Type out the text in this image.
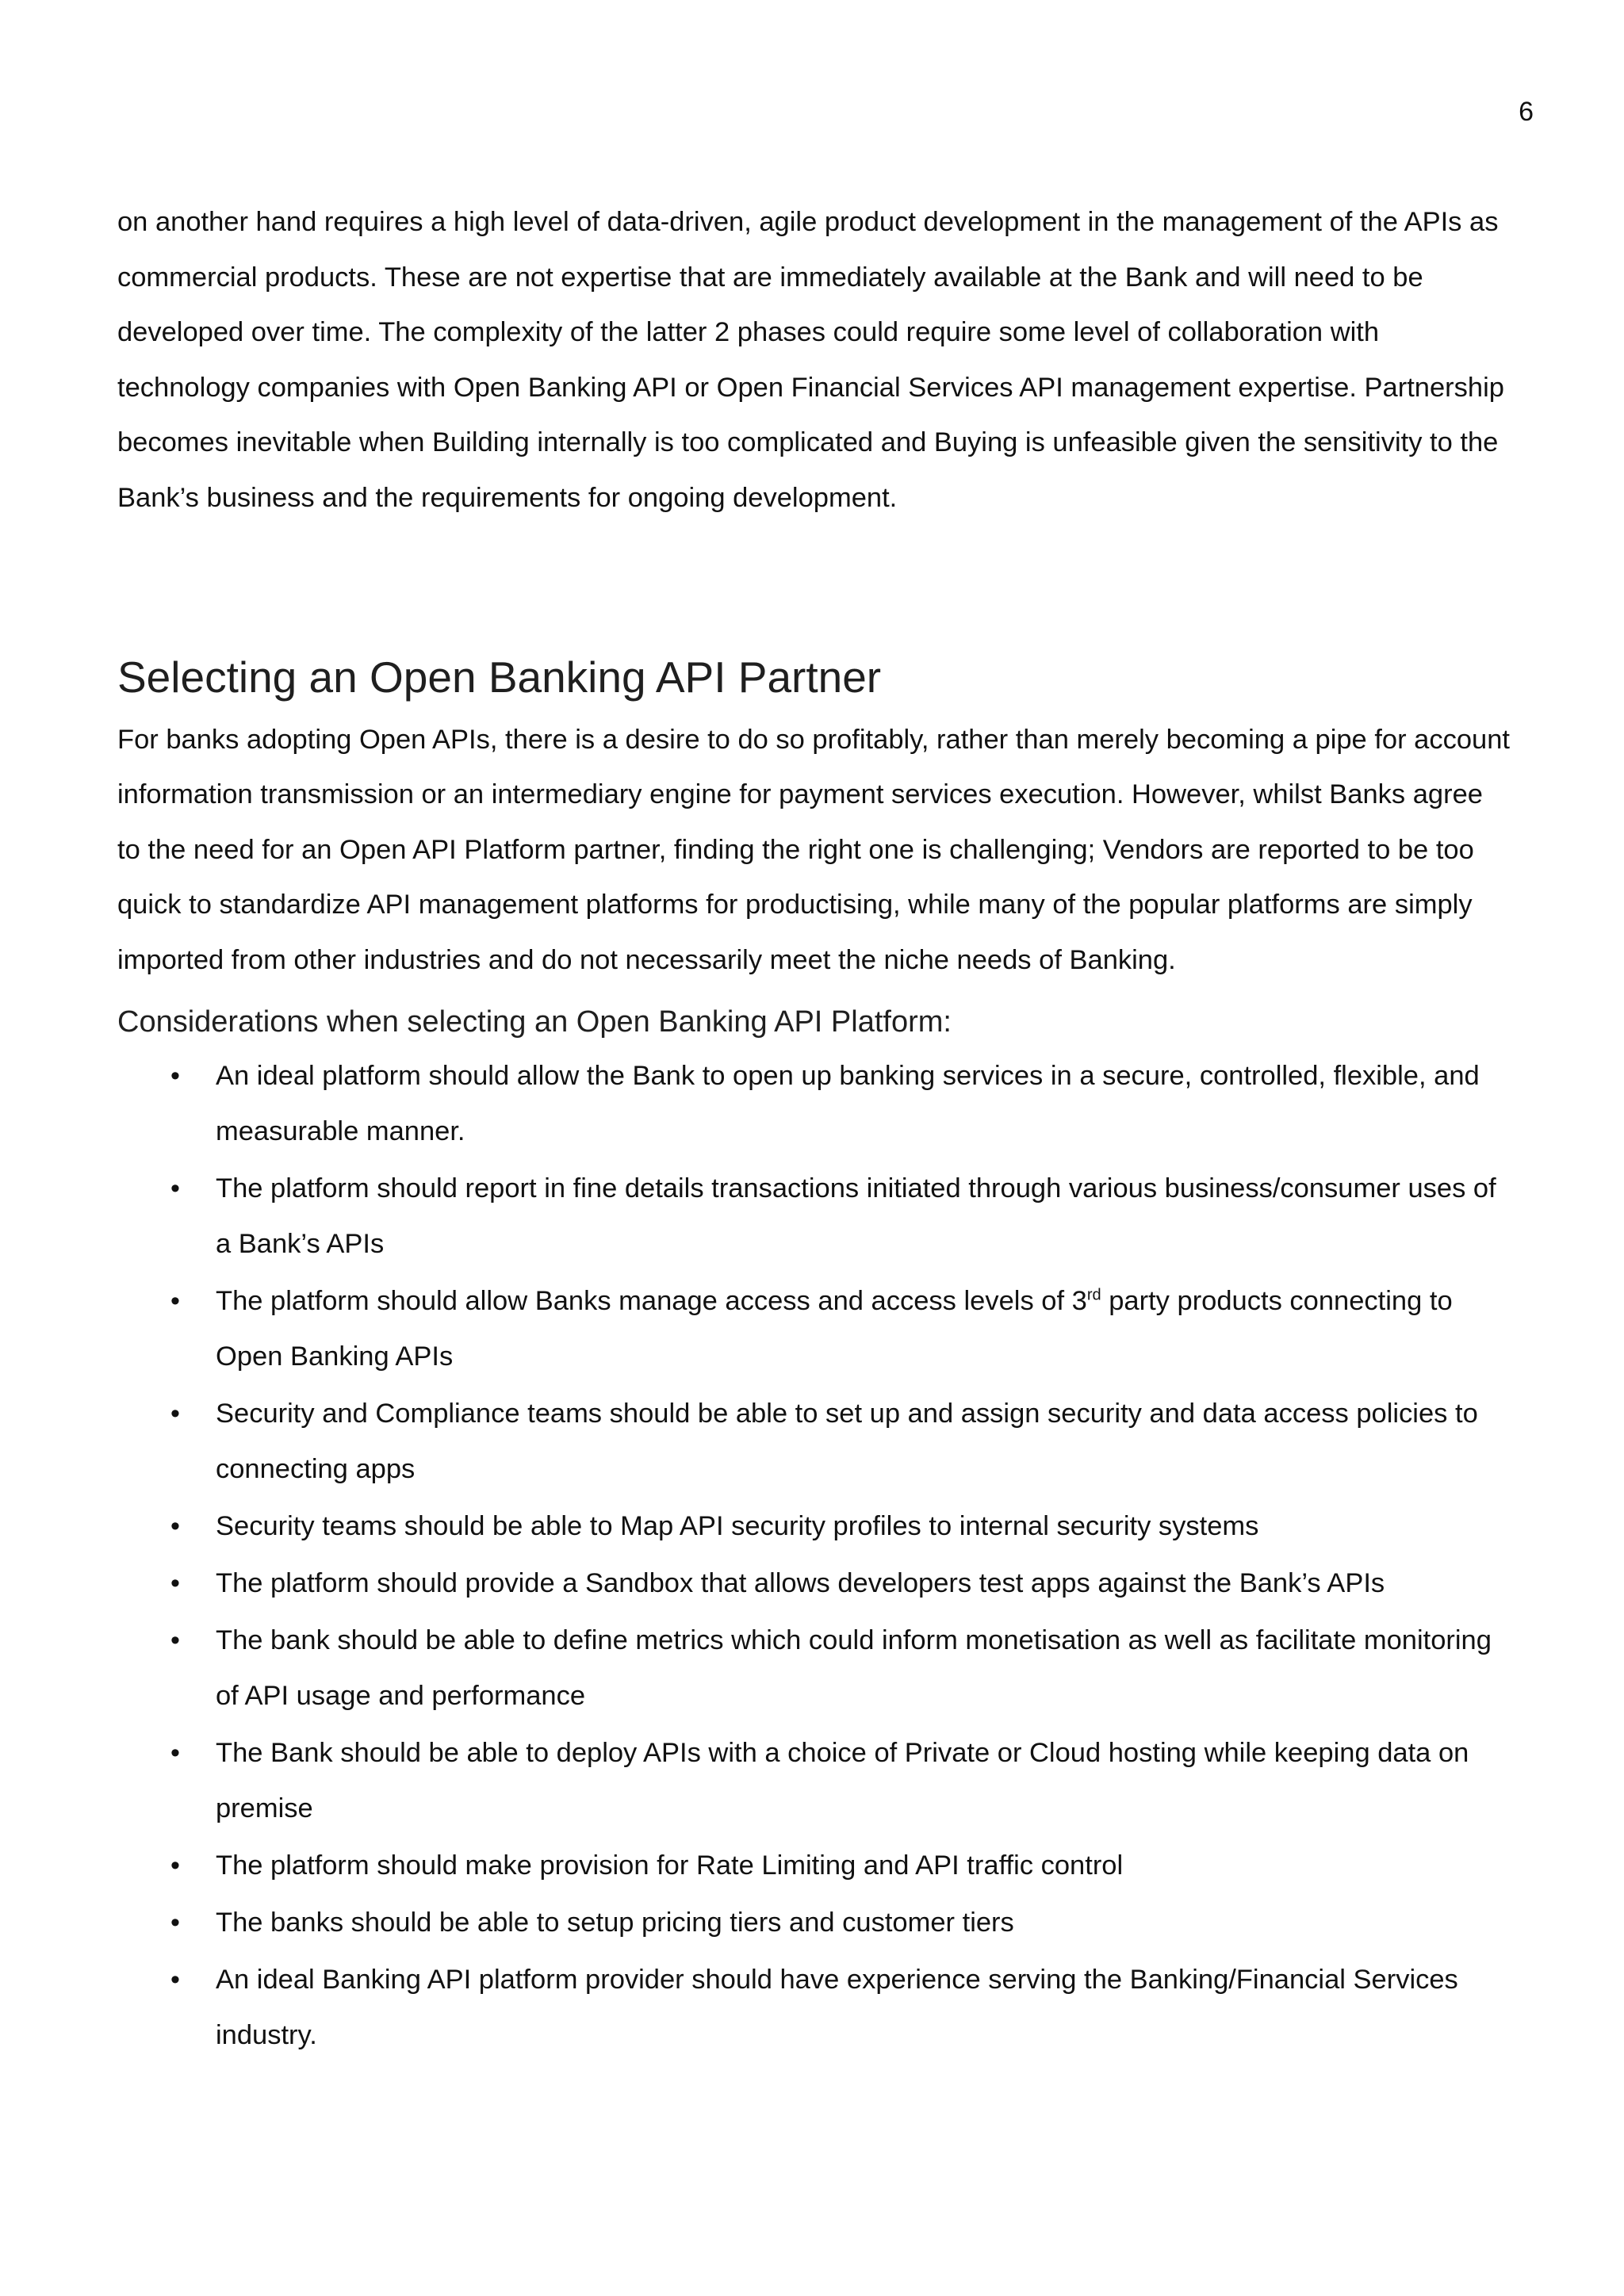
6

on another hand requires a high level of data-driven, agile product development in the management of the APIs as commercial products. These are not expertise that are immediately available at the Bank and will need to be developed over time. The complexity of the latter 2 phases could require some level of collaboration with technology companies with Open Banking API or Open Financial Services API management expertise. Partnership becomes inevitable when Building internally is too complicated and Buying is unfeasible given the sensitivity to the Bank’s business and the requirements for ongoing development.

Selecting an Open Banking API Partner

For banks adopting Open APIs, there is a desire to do so profitably, rather than merely becoming a pipe for account information transmission or an intermediary engine for payment services execution. However, whilst Banks agree to the need for an Open API Platform partner, finding the right one is challenging; Vendors are reported to be too quick to standardize API management platforms for productising, while many of the popular platforms are simply imported from other industries and do not necessarily meet the niche needs of Banking.

Considerations when selecting an Open Banking API Platform:
• An ideal platform should allow the Bank to open up banking services in a secure, controlled, flexible, and measurable manner.
• The platform should report in fine details transactions initiated through various business/consumer uses of a Bank’s APIs
• The platform should allow Banks manage access and access levels of 3rd party products connecting to Open Banking APIs
• Security and Compliance teams should be able to set up and assign security and data access policies to connecting apps
• Security teams should be able to Map API security profiles to internal security systems
• The platform should provide a Sandbox that allows developers test apps against the Bank’s APIs
• The bank should be able to define metrics which could inform monetisation as well as facilitate monitoring of API usage and performance
• The Bank should be able to deploy APIs with a choice of Private or Cloud hosting while keeping data on premise
• The platform should make provision for Rate Limiting and API traffic control
• The banks should be able to setup pricing tiers and customer tiers
• An ideal Banking API platform provider should have experience serving the Banking/Financial Services industry.
